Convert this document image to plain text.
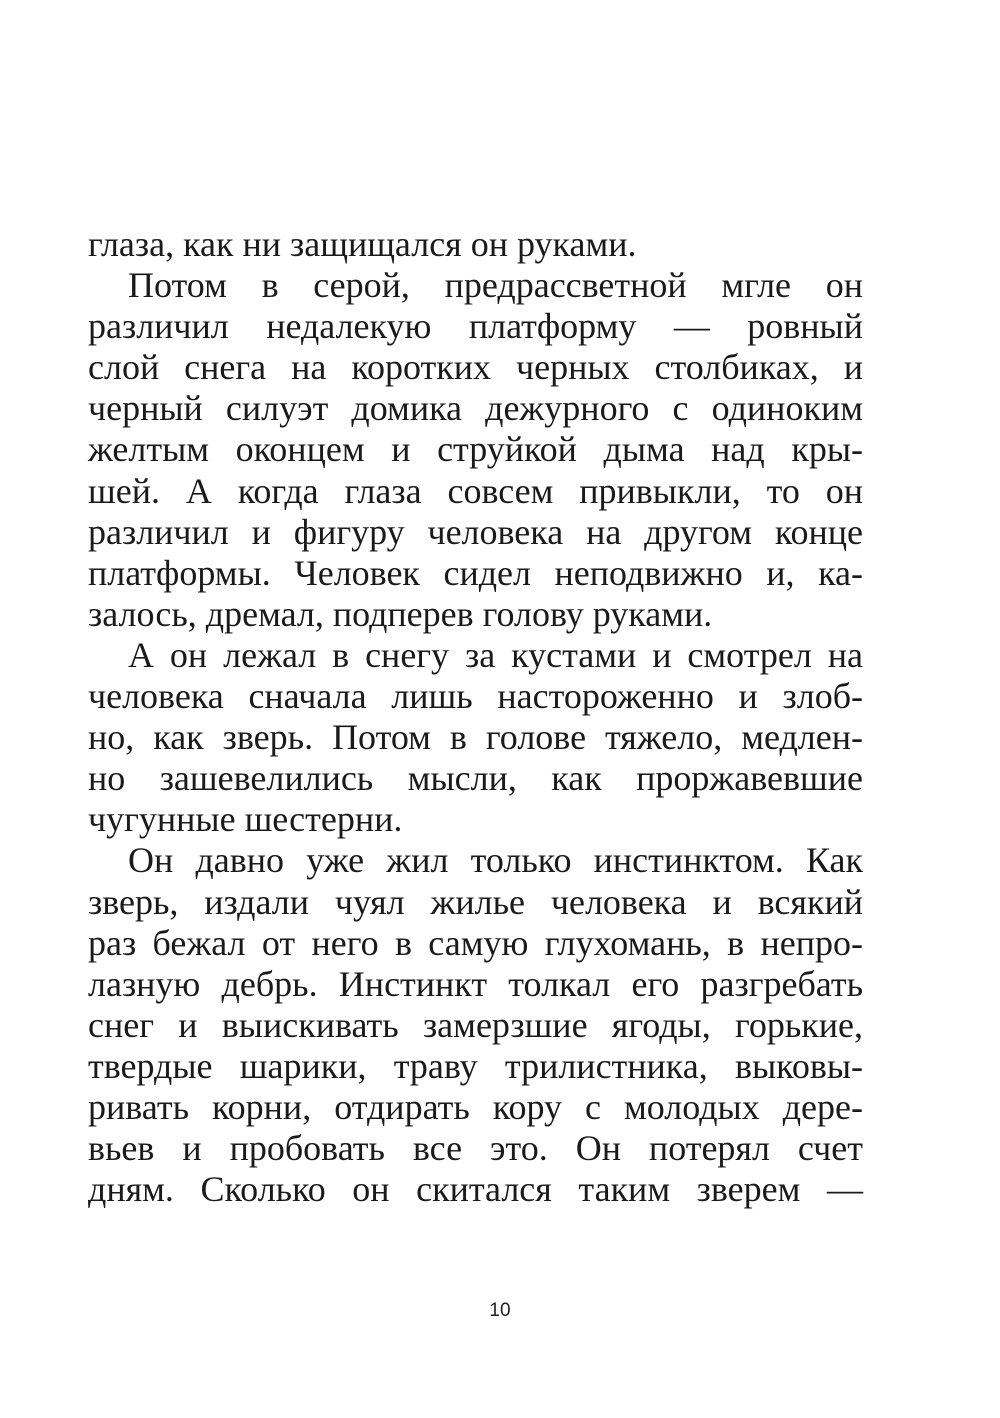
глаза, как ни защищался он руками.
Потом в серой, предрассветной мгле он
различил недалекую платформу — ровный
слой снега на коротких черных столбиках, и
черный силуэт домика дежурного с одиноким
желтым оконцем и струйкой дыма над кры-
шей. А когда глаза совсем привыкли, то он
различил и фигуру человека на другом конце
платформы. Человек сидел неподвижно и, ка-
залось, дремал, подперев голову руками.
А он лежал в снегу за кустами и смотрел на
человека сначала лишь настороженно и злоб-
но, как зверь. Потом в голове тяжело, медлен-
но зашевелились мысли, как проржавевшие
чугунные шестерни.
Он давно уже жил только инстинктом. Как
зверь, издали чуял жилье человека и всякий
раз бежал от него в самую глухомань, в непро-
лазную дебрь. Инстинкт толкал его разгребать
снег и выискивать замерзшие ягоды, горькие,
твердые шарики, траву трилистника, выковы-
ривать корни, отдирать кору с молодых дере-
вьев и пробовать все это. Он потерял счет
дням. Сколько он скитался таким зверем —
10
